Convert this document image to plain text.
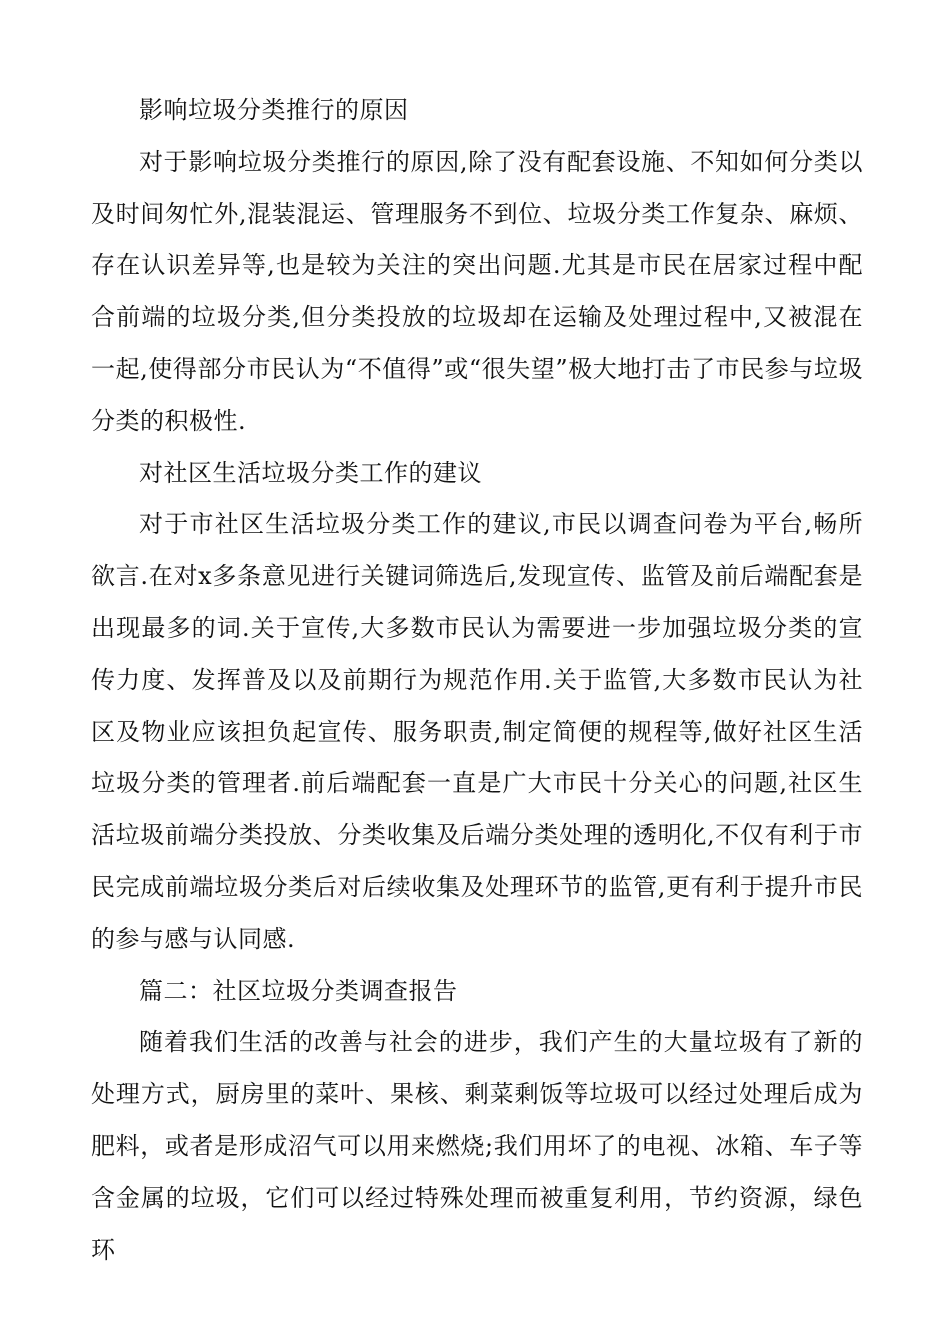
影响垃圾分类推行的原因

对于影响垃圾分类推行的原因,除了没有配套设施、不知如何分类以及时间匆忙外,混装混运、管理服务不到位、垃圾分类工作复杂、麻烦、存在认识差异等,也是较为关注的突出问题.尤其是市民在居家过程中配合前端的垃圾分类,但分类投放的垃圾却在运输及处理过程中,又被混在一起,使得部分市民认为“不值得”或“很失望”极大地打击了市民参与垃圾分类的积极性.

对社区生活垃圾分类工作的建议

对于市社区生活垃圾分类工作的建议,市民以调查问卷为平台,畅所欲言.在对x多条意见进行关键词筛选后,发现宣传、监管及前后端配套是出现最多的词.关于宣传,大多数市民认为需要进一步加强垃圾分类的宣传力度、发挥普及以及前期行为规范作用.关于监管,大多数市民认为社区及物业应该担负起宣传、服务职责,制定简便的规程等,做好社区生活垃圾分类的管理者.前后端配套一直是广大市民十分关心的问题,社区生活垃圾前端分类投放、分类收集及后端分类处理的透明化,不仅有利于市民完成前端垃圾分类后对后续收集及处理环节的监管,更有利于提升市民的参与感与认同感.

篇二：社区垃圾分类调查报告

随着我们生活的改善与社会的进步，我们产生的大量垃圾有了新的处理方式，厨房里的菜叶、果核、剩菜剩饭等垃圾可以经过处理后成为肥料，或者是形成沼气可以用来燃烧;我们用坏了的电视、冰箱、车子等含金属的垃圾，它们可以经过特殊处理而被重复利用，节约资源，绿色环
